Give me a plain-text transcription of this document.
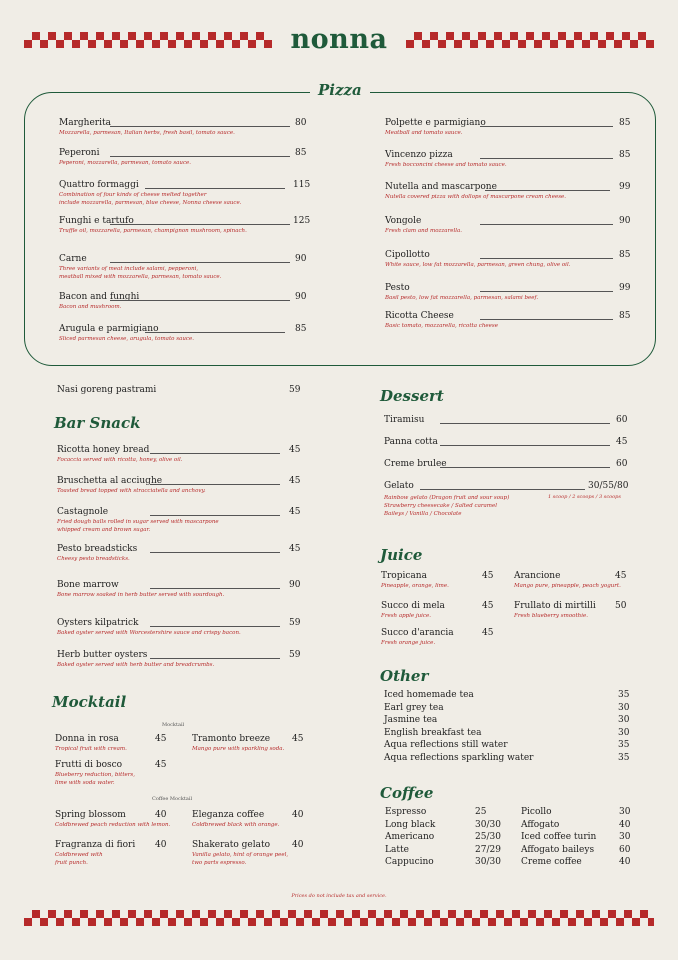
nonna
Pizza
Margherita	80
Mozzarella, parmesan, Italian herbs, fresh basil, tomato sauce.
Peperoni	85
Peperoni, mozzarella, parmesan, tomato sauce.
Quattro formaggi	115
Combination of four kinds of cheese melted together
include mozzarella, parmesan, blue cheese, Nonna cheese sauce.
Funghi e tartufo	125
Truffle oil, mozzarella, parmesan, champignon mushroom, spinach.
Carne	90
Three variants of meat include salami, pepperoni,
meatball mixed with mozzarella, parmesan, tomato sauce.
Bacon and funghi	90
Bacon and mushroom.
Arugula e parmigiano	85
Sliced parmesan cheese, arugula, tomato sauce.
Polpette e parmigiano	85
Meatball and tomato sauce.
Vincenzo pizza	85
Fresh bocconcini cheese and tomato sauce.
Nutella and mascarpone	99
Nutella covered pizza with dollops of mascarpone cream cheese.
Vongole	90
Fresh clam and mozzarella.
Cipollotto	85
White sauce, low fat mozzarella, parmesan, green chung, olive oil.
Pesto	99
Basil pesto, low fat mozzarella, parmesan, salami beef.
Ricotta Cheese	85
Basic tomato, mozzarella, ricotta cheese
Nasi goreng pastrami	59
Bar Snack
Ricotta honey bread	45
Focaccia served with ricotta, honey, olive oil.
Bruschetta al acciughe	45
Toasted bread topped with stracciatella and anchovy.
Castagnole	45
Fried dough balls rolled in sugar served with mascarpone
whipped cream and brown sugar.
Pesto breadsticks	45
Cheesy pesto breadsticks.
Bone marrow	90
Bone marrow soaked in herb butter served with sourdough.
Oysters kilpatrick	59
Baked oyster served with Worcestershire sauce and crispy bacon.
Herb butter oysters	59
Baked oyster served with herb butter and breadcrumbs.
Mocktail
Mocktail
Coffee Mocktail
Donna in rosa	45
Tropical fruit with cream.
Tramonto breeze 45
Mango pure with sparkling soda.
Frutti di bosco	45
Blueberry reduction, bitters,
lime with soda water.
Spring blossom	40
Coldbrewed peach reduction with lemon.
Eleganza coffee	40
Coldbrewed black with orange.
Fragranza di fiori 40
Coldbrewed with
fruit punch.
Shakerato gelato 40
Vanilla gelato, hint of orange peel,
two parts espresso.
Dessert
Tiramisu	60
Panna cotta	45
Creme brulee	60
Gelato	30/55/80
Rainbow gelato (Dragon fruit and sour soup)
Strawberry cheesecake / Salted caramel
Baileys / Vanilla / Chocolate
1 scoop / 2 scoops / 3 scoops
Juice
Tropicana	45
Pineapple, orange, lime.
Arancione	45
Mango pure, pineapple, peach yogurt.
Succo di mela	45
Fresh apple juice.
Frullato di mirtilli 50
Fresh blueberry smoothie.
Succo d'arancia	45
Fresh orange juice.
Other
Iced homemade tea	35
Earl grey tea	30
Jasmine tea	30
English breakfast tea	30
Aqua reflections still water	35
Aqua reflections sparkling water	35
Coffee
Espresso	25
Long black	30/30
Americano	25/30
Latte	27/29
Cappucino	30/30
Picollo	30
Affogato	40
Iced coffee turin	30
Affogato baileys	60
Creme coffee	40
Prices do not include tax and service.
